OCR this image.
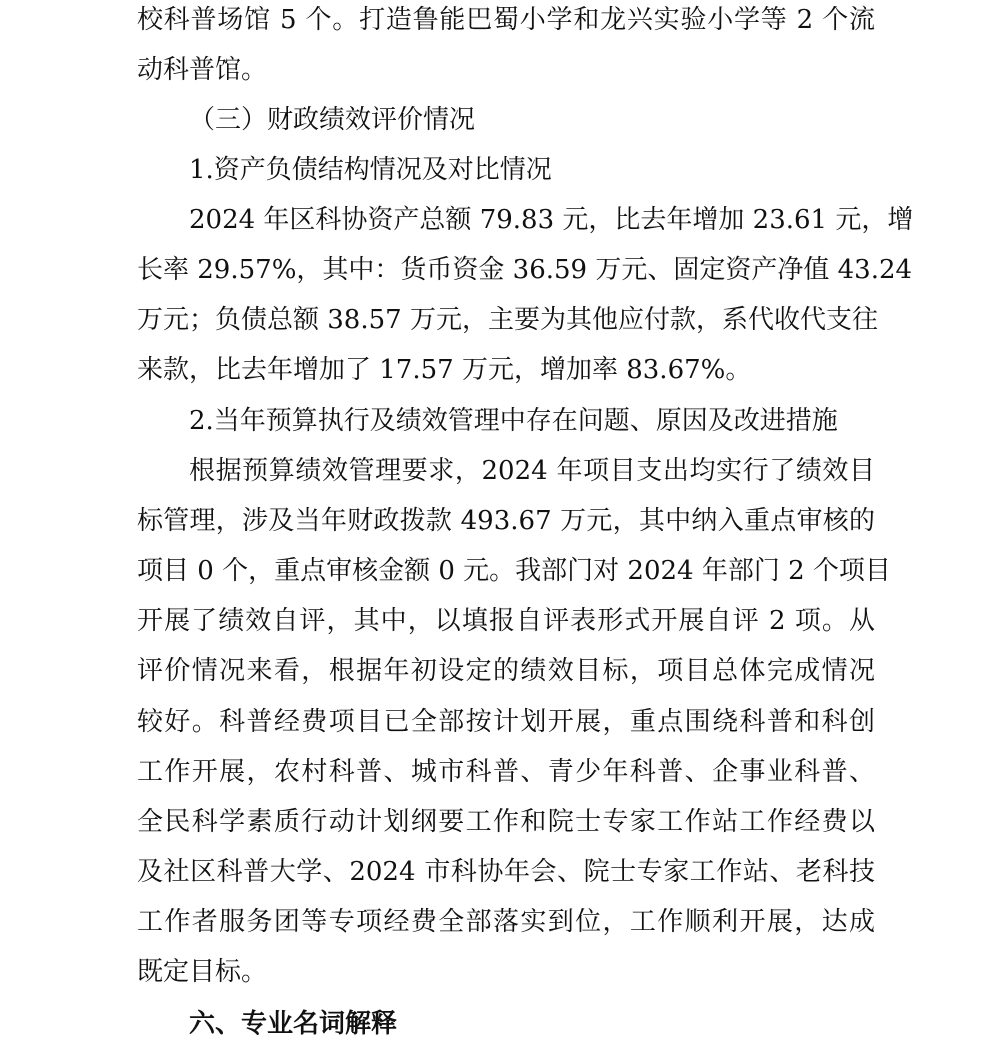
校科普场馆 5 个。打造鲁能巴蜀小学和龙兴实验小学等 2 个流
动科普馆。
（三）财政绩效评价情况
1.资产负债结构情况及对比情况
2024 年区科协资产总额 79.83 元，比去年增加 23.61 元，增
长率 29.57%，其中：货币资金 36.59 万元、固定资产净值 43.24
万元；负债总额 38.57 万元，主要为其他应付款，系代收代支往
来款，比去年增加了 17.57 万元，增加率 83.67%。
2.当年预算执行及绩效管理中存在问题、原因及改进措施
根据预算绩效管理要求，2024 年项目支出均实行了绩效目
标管理，涉及当年财政拨款 493.67 万元，其中纳入重点审核的
项目 0 个，重点审核金额 0 元。我部门对 2024 年部门 2 个项目
开展了绩效自评，其中，以填报自评表形式开展自评 2 项。从
评价情况来看，根据年初设定的绩效目标，项目总体完成情况
较好。科普经费项目已全部按计划开展，重点围绕科普和科创
工作开展，农村科普、城市科普、青少年科普、企事业科普、
全民科学素质行动计划纲要工作和院士专家工作站工作经费以
及社区科普大学、2024 市科协年会、院士专家工作站、老科技
工作者服务团等专项经费全部落实到位，工作顺利开展，达成
既定目标。
六、专业名词解释
